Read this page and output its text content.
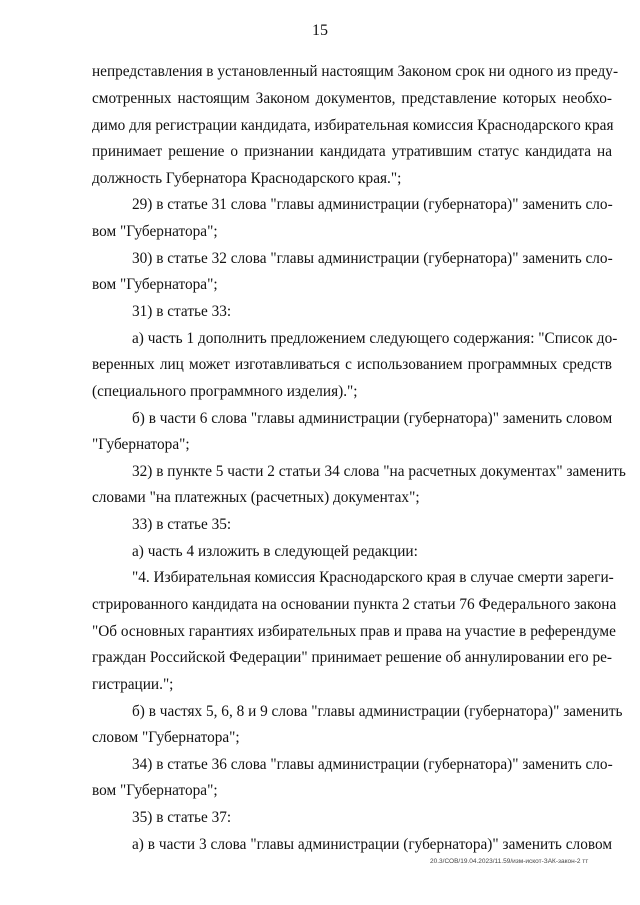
15
непредставления в установленный настоящим Законом срок ни одного из преду-
смотренных настоящим Законом документов, представление которых необхо-
димо для регистрации кандидата, избирательная комиссия Краснодарского края
принимает решение о признании кандидата утратившим статус кандидата на
должность Губернатора Краснодарского края.";
29) в статье 31 слова "главы администрации (губернатора)" заменить сло-
вом "Губернатора";
30) в статье 32 слова "главы администрации (губернатора)" заменить сло-
вом "Губернатора";
31) в статье 33:
а) часть 1 дополнить предложением следующего содержания: "Список до-
веренных лиц может изготавливаться с использованием программных средств
(специального программного изделия).";
б) в части 6 слова "главы администрации (губернатора)" заменить словом
"Губернатора";
32) в пункте 5 части 2 статьи 34 слова "на расчетных документах" заменить
словами "на платежных (расчетных) документах";
33) в статье 35:
а) часть 4 изложить в следующей редакции:
"4. Избирательная комиссия Краснодарского края в случае смерти зареги-
стрированного кандидата на основании пункта 2 статьи 76 Федерального закона
"Об основных гарантиях избирательных прав и права на участие в референдуме
граждан Российской Федерации" принимает решение об аннулировании его ре-
гистрации.";
б) в частях 5, 6, 8 и 9 слова "главы администрации (губернатора)" заменить
словом "Губернатора";
34) в статье 36 слова "главы администрации (губернатора)" заменить сло-
вом "Губернатора";
35) в статье 37:
а) в части 3 слова "главы администрации (губернатора)" заменить словом
20.3/СОВ/19.04.2023/11.59/изм-искот-ЗАК-закон-2 тт
